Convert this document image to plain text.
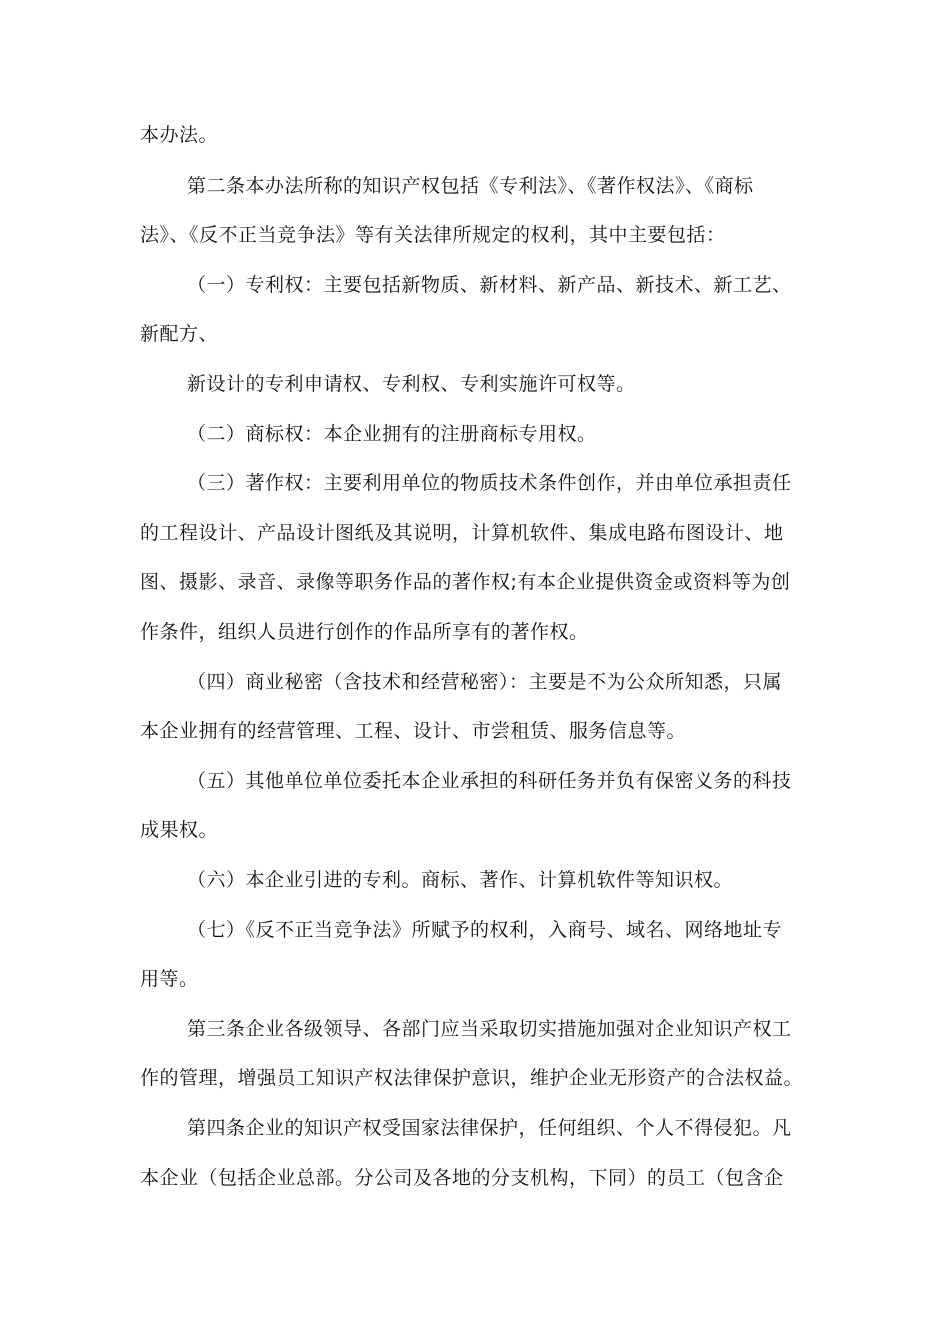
本办法。
第二条本办法所称的知识产权包括《专利法》、《著作权法》、《商标
法》、《反不正当竞争法》等有关法律所规定的权利，其中主要包括：
（一）专利权：主要包括新物质、新材料、新产品、新技术、新工艺、
新配方、
新设计的专利申请权、专利权、专利实施许可权等。
（二）商标权：本企业拥有的注册商标专用权。
（三）著作权：主要利用单位的物质技术条件创作，并由单位承担责任
的工程设计、产品设计图纸及其说明，计算机软件、集成电路布图设计、地
图、摄影、录音、录像等职务作品的著作权;有本企业提供资金或资料等为创
作条件，组织人员进行创作的作品所享有的著作权。
（四）商业秘密（含技术和经营秘密）：主要是不为公众所知悉，只属
本企业拥有的经营管理、工程、设计、市尝租赁、服务信息等。
（五）其他单位单位委托本企业承担的科研任务并负有保密义务的科技
成果权。
（六）本企业引进的专利。商标、著作、计算机软件等知识权。
（七）《反不正当竞争法》所赋予的权利，入商号、域名、网络地址专
用等。
第三条企业各级领导、各部门应当采取切实措施加强对企业知识产权工
作的管理，增强员工知识产权法律保护意识，维护企业无形资产的合法权益。
第四条企业的知识产权受国家法律保护，任何组织、个人不得侵犯。凡
本企业（包括企业总部。分公司及各地的分支机构，下同）的员工（包含企
